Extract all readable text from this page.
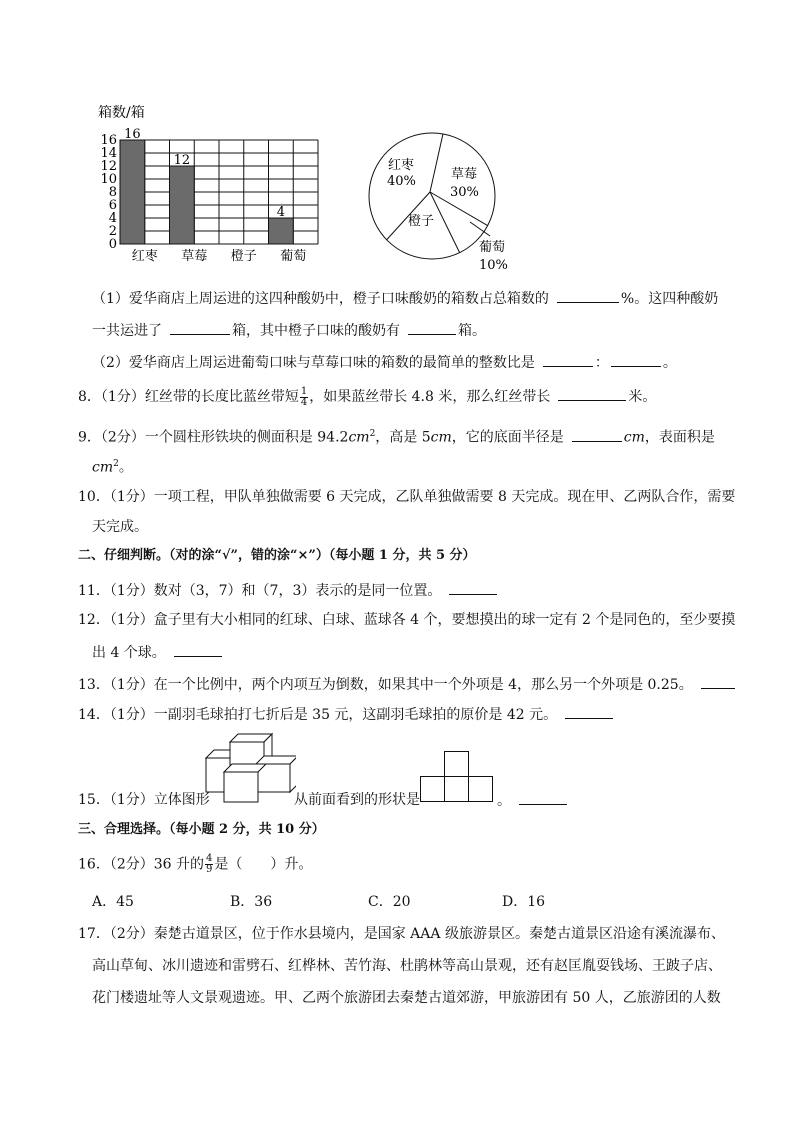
箱数/箱
0
2
4
6
8
10
12
14
16
红枣 草莓 橙子 葡萄
16
12
4
红枣
40%	草莓
30%
橙子
葡萄
10%
（1）爱华商店上周运进的这四种酸奶中，橙子口味酸奶的箱数占总箱数的	%。这四种酸奶
一共运进了	箱，其中橙子口味的酸奶有	箱。
（2）爱华商店上周运进葡萄口味与草莓口味的箱数的最简单的整数比是	：	。
8．（1分）红丝带的长度比蓝丝带短 $\frac{1}{4}$ ，如果蓝丝带长 4.8 米，那么红丝带长	米。
9．（2分）一个圆柱形铁块的侧面积是 $94.2cm^2$，高是 5cm，它的底面半径是	cm，表面积是
$cm^2$。
10．（1分）一项工程，甲队单独做需要 6 天完成，乙队单独做需要 8 天完成。现在甲、乙两队合作，需要
天完成。
二、仔细判断。（对的涂“√”，错的涂“×”）（每小题 1 分，共 5 分）
11．（1分）数对（3，7）和（7，3）表示的是同一位置。
12．（1分）盒子里有大小相同的红球、白球、蓝球各 4 个，要想摸出的球一定有 2 个是同色的，至少要摸
出 4 个球。
13．（1分）在一个比例中，两个内项互为倒数，如果其中一个外项是 4，那么另一个外项是 0.25。
14．（1分）一副羽毛球拍打七折后是 35 元，这副羽毛球拍的原价是 42 元。
15．（1分）立体图形	从前面看到的形状是	。
三、合理选择。（每小题 2 分，共 10 分）
16．（2分）36 升的 $\frac{4}{9}$ 是（　　）升。
A．45	B．36	C．20	D．16
17．（2分）秦楚古道景区，位于作水县境内，是国家 AAA 级旅游景区。秦楚古道景区沿途有溪流瀑布、
高山草甸、冰川遗迹和雷劈石、红桦林、苦竹海、杜鹃林等高山景观，还有赵匡胤耍钱场、王跛子店、
花门楼遗址等人文景观遗迹。甲、乙两个旅游团去秦楚古道郊游，甲旅游团有 50 人，乙旅游团的人数
